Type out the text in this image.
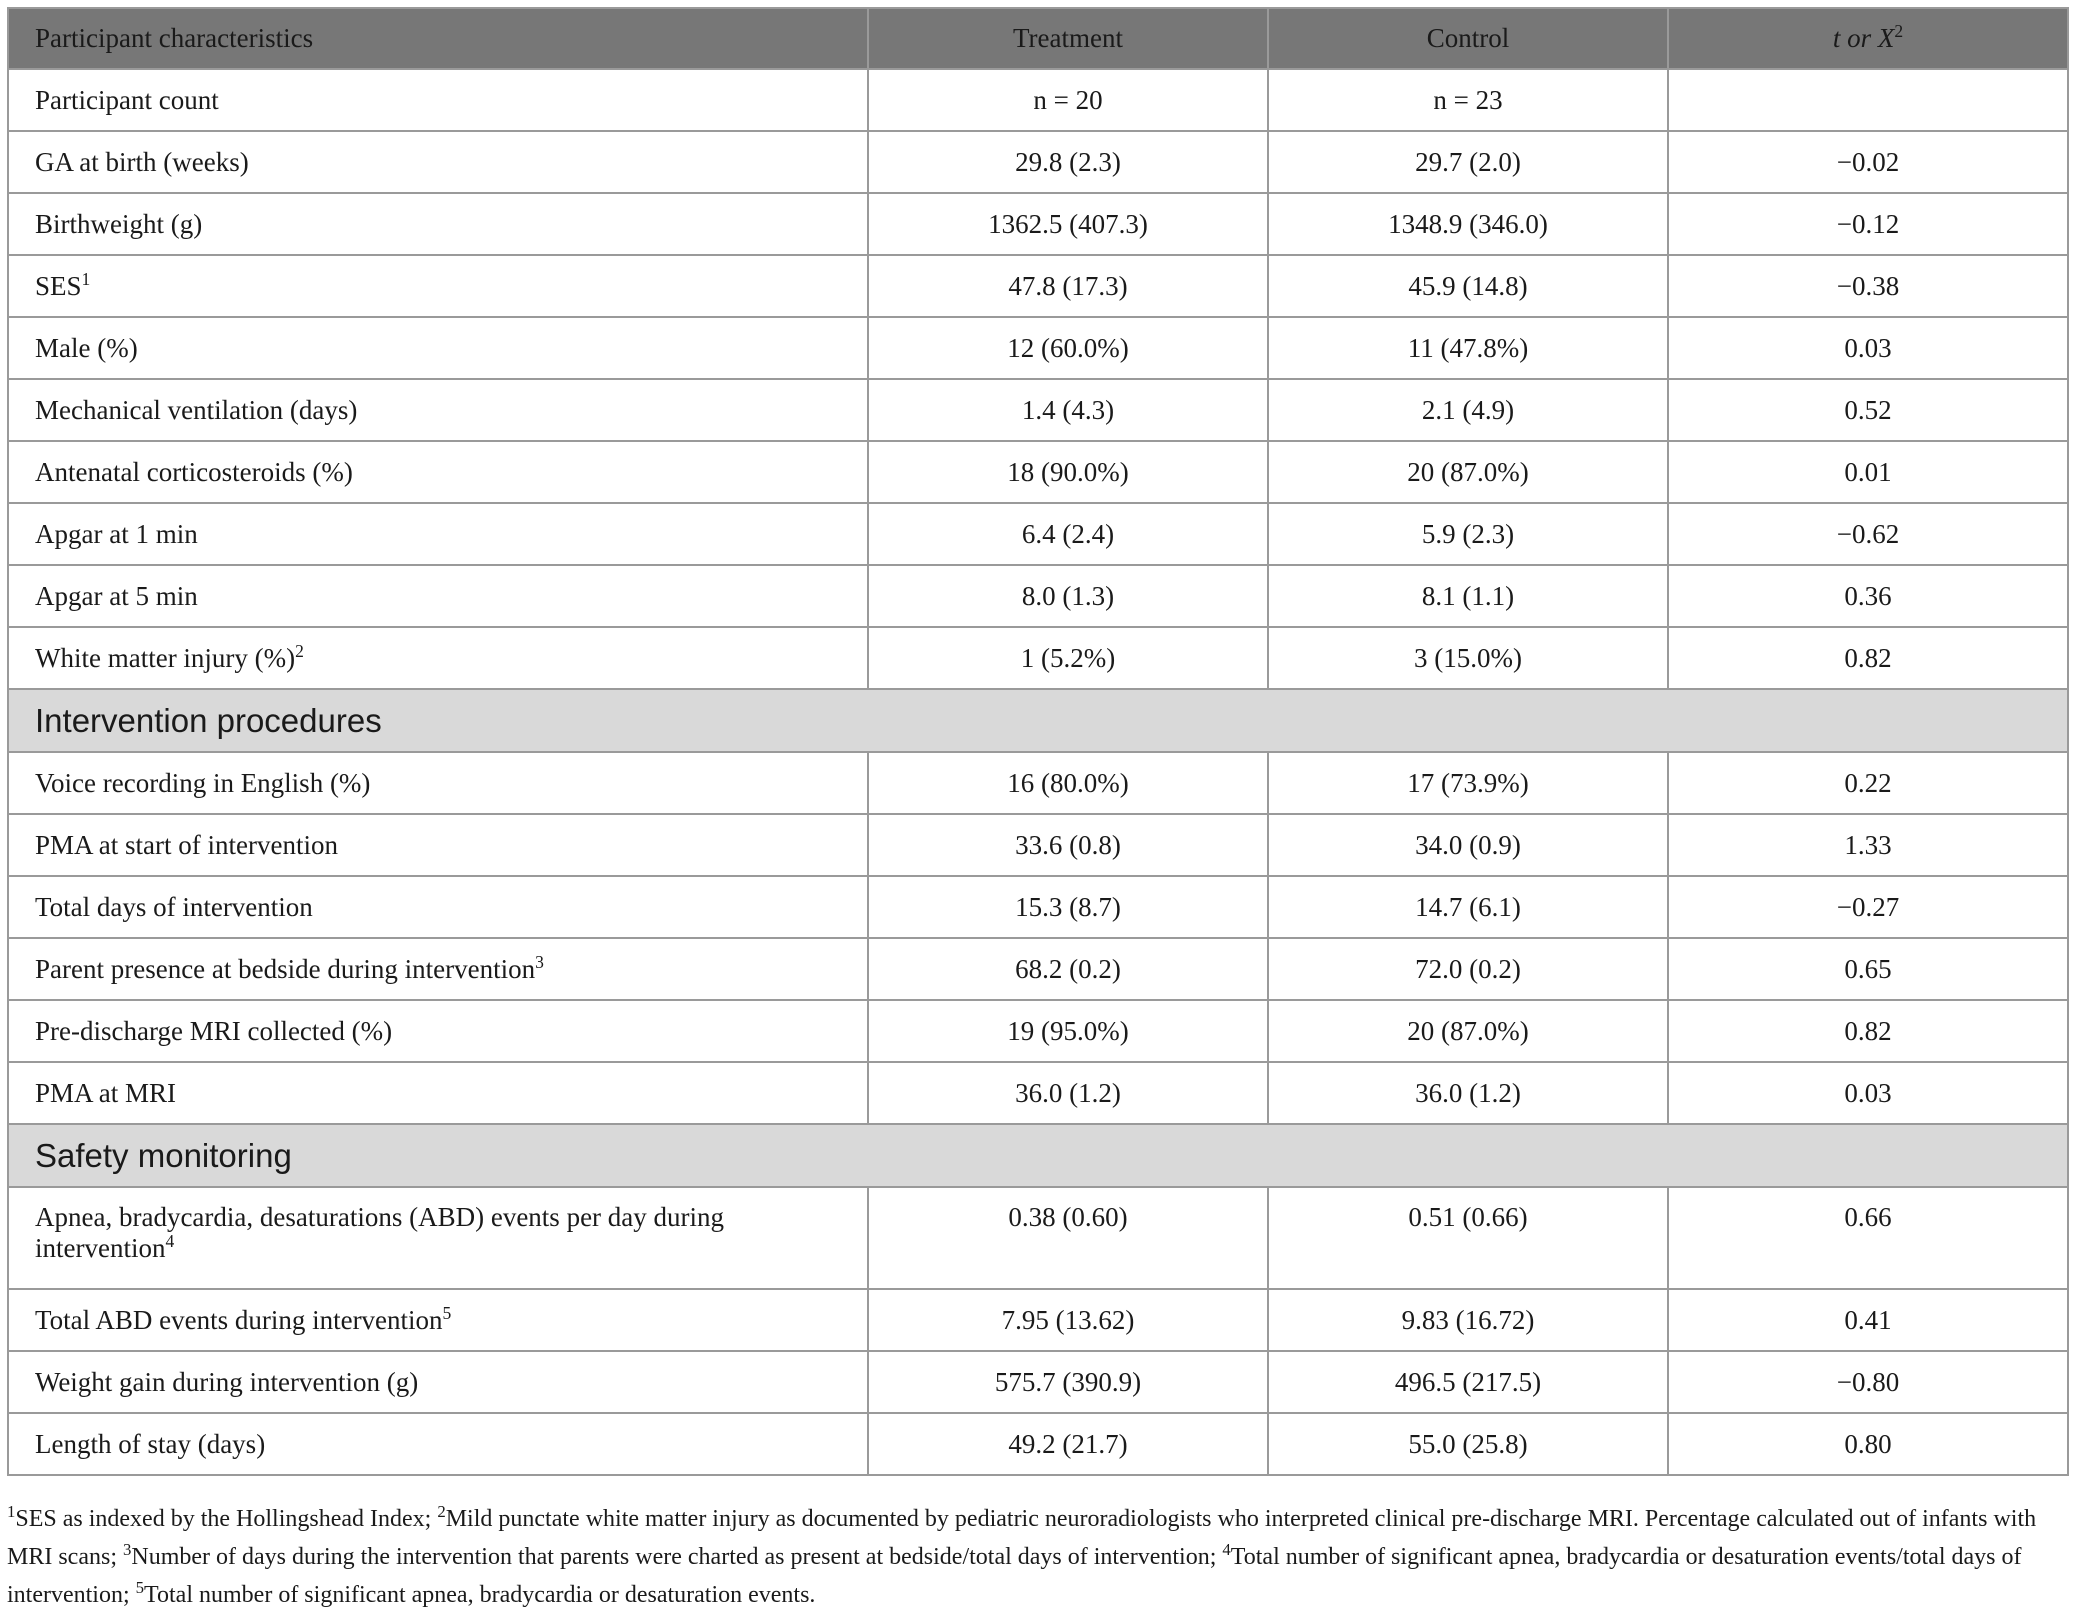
Participant characteristics	Treatment	Control	t or $X^2$
Participant count	n = 20	n = 23	
GA at birth (weeks)	29.8 (2.3)	29.7 (2.0)	−0.02
Birthweight (g)	1362.5 (407.3)	1348.9 (346.0)	−0.12
SES$^1$	47.8 (17.3)	45.9 (14.8)	−0.38
Male (%)	12 (60.0%)	11 (47.8%)	0.03
Mechanical ventilation (days)	1.4 (4.3)	2.1 (4.9)	0.52
Antenatal corticosteroids (%)	18 (90.0%)	20 (87.0%)	0.01
Apgar at 1 min	6.4 (2.4)	5.9 (2.3)	−0.62
Apgar at 5 min	8.0 (1.3)	8.1 (1.1)	0.36
White matter injury (%)$^2$	1 (5.2%)	3 (15.0%)	0.82
Intervention procedures			
Voice recording in English (%)	16 (80.0%)	17 (73.9%)	0.22
PMA at start of intervention	33.6 (0.8)	34.0 (0.9)	1.33
Total days of intervention	15.3 (8.7)	14.7 (6.1)	−0.27
Parent presence at bedside during intervention$^3$	68.2 (0.2)	72.0 (0.2)	0.65
Pre-discharge MRI collected (%)	19 (95.0%)	20 (87.0%)	0.82
PMA at MRI	36.0 (1.2)	36.0 (1.2)	0.03
Safety monitoring			
Apnea, bradycardia, desaturations (ABD) events per day during intervention$^4$	0.38 (0.60)	0.51 (0.66)	0.66
Total ABD events during intervention$^5$	7.95 (13.62)	9.83 (16.72)	0.41
Weight gain during intervention (g)	575.7 (390.9)	496.5 (217.5)	−0.80
Length of stay (days)	49.2 (21.7)	55.0 (25.8)	0.80
$^1$SES as indexed by the Hollingshead Index; $^2$Mild punctate white matter injury as documented by pediatric neuroradiologists who interpreted clinical pre-discharge MRI. Percentage calculated out of infants with MRI scans; $^3$Number of days during the intervention that parents were charted as present at bedside/total days of intervention; $^4$Total number of significant apnea, bradycardia or desaturation events/total days of intervention; $^5$Total number of significant apnea, bradycardia or desaturation events.
